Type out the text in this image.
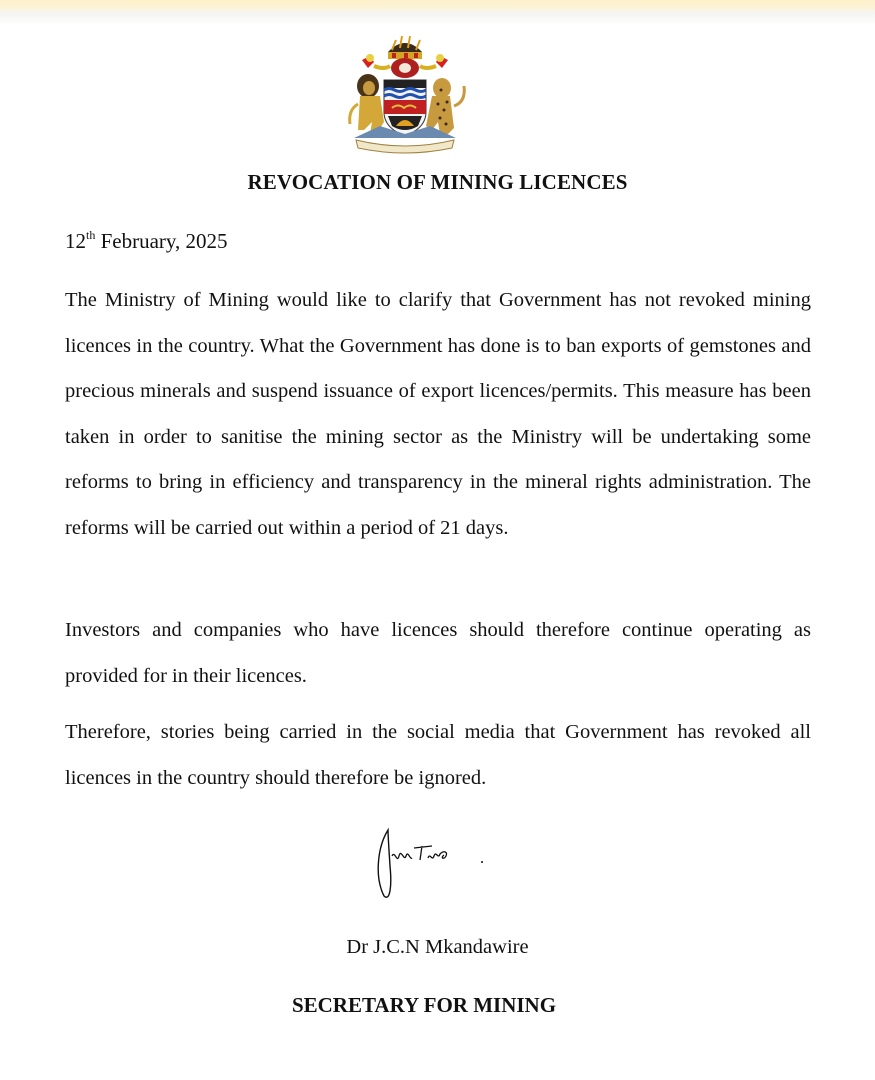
REVOCATION OF MINING LICENCES
12th February, 2025

The Ministry of Mining would like to clarify that Government has not revoked mining licences in the country. What the Government has done is to ban exports of gemstones and precious minerals and suspend issuance of export licences/permits. This measure has been taken in order to sanitise the mining sector as the Ministry will be undertaking some reforms to bring in efficiency and transparency in the mineral rights administration. The reforms will be carried out within a period of 21 days.

Investors and companies who have licences should therefore continue operating as provided for in their licences.

Therefore, stories being carried in the social media that Government has revoked all licences in the country should therefore be ignored.

Dr J.C.N Mkandawire
SECRETARY FOR MINING
